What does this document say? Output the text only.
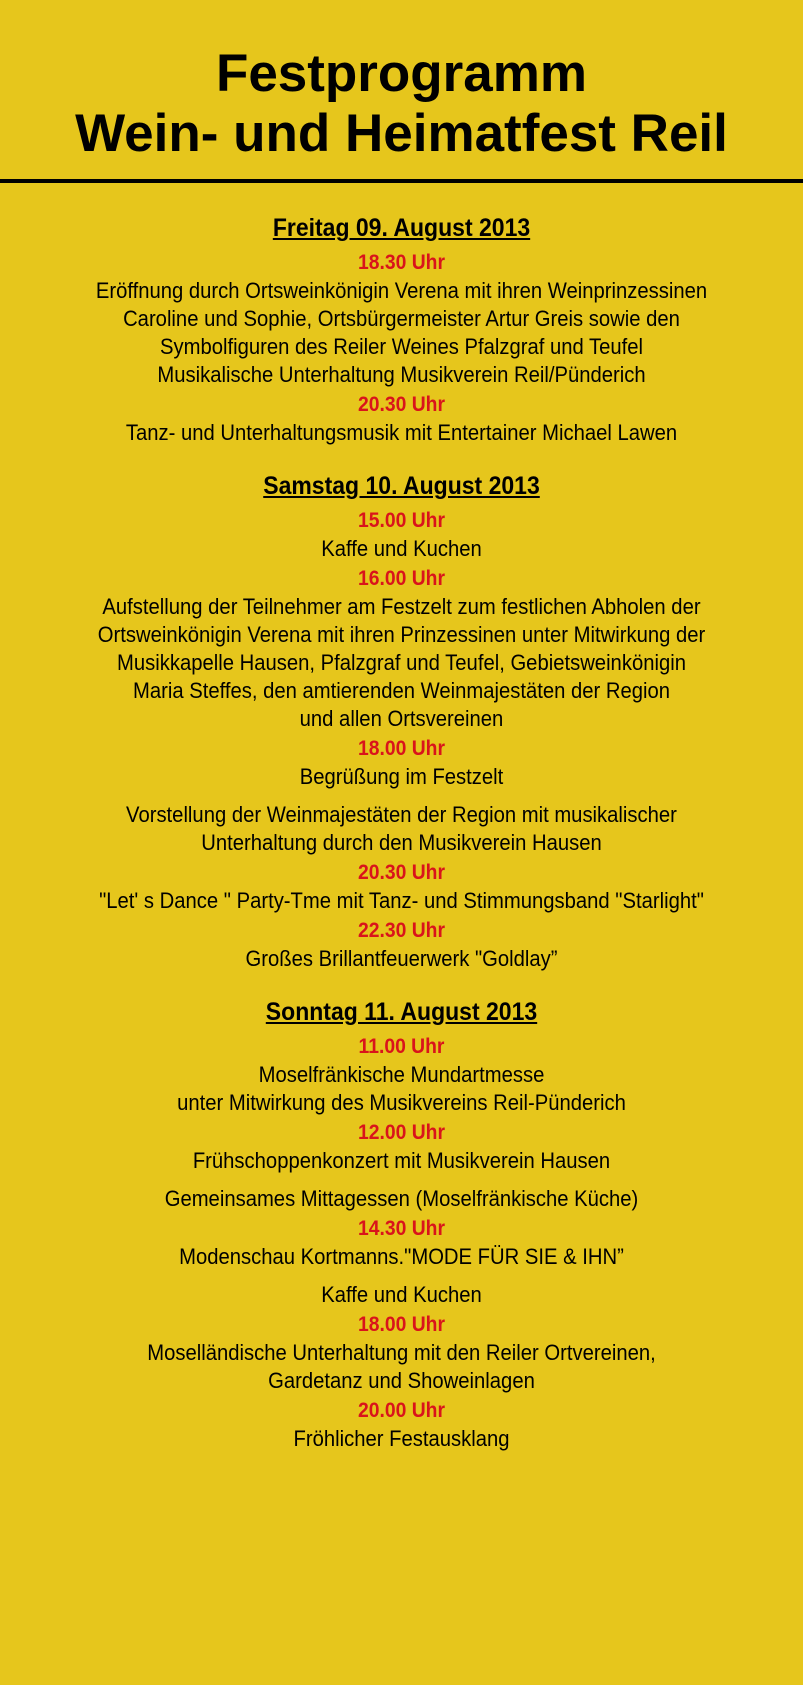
Festprogramm
Wein- und Heimatfest Reil

Freitag 09. August 2013

18.30 Uhr

Eröffnung durch Ortsweinkönigin Verena mit ihren Weinprinzessinen

Caroline und Sophie, Ortsbürgermeister Artur Greis sowie den

Symbolfiguren des Reiler Weines Pfalzgraf und Teufel

Musikalische Unterhaltung Musikverein Reil/Pünderich

20.30 Uhr

Tanz- und Unterhaltungsmusik mit Entertainer Michael Lawen

Samstag 10. August 2013

15.00 Uhr

Kaffe und Kuchen

16.00 Uhr

Aufstellung der Teilnehmer am Festzelt zum festlichen Abholen der

Ortsweinkönigin Verena mit ihren Prinzessinen unter Mitwirkung der

Musikkapelle Hausen, Pfalzgraf und Teufel, Gebietsweinkönigin

Maria Steffes, den amtierenden Weinmajestäten der Region

und allen Ortsvereinen

18.00 Uhr

Begrüßung im Festzelt

Vorstellung der Weinmajestäten der Region mit musikalischer

Unterhaltung durch den Musikverein Hausen

20.30 Uhr

"Let' s Dance " Party-Tme mit Tanz- und Stimmungsband "Starlight"

22.30 Uhr

Großes Brillantfeuerwerk "Goldlay”

Sonntag 11. August 2013

11.00 Uhr

Moselfränkische Mundartmesse

unter Mitwirkung des Musikvereins Reil-Pünderich

12.00 Uhr

Frühschoppenkonzert mit Musikverein Hausen

Gemeinsames Mittagessen (Moselfränkische Küche)

14.30 Uhr

Modenschau Kortmanns."MODE FÜR SIE & IHN”

Kaffe und Kuchen

18.00 Uhr

Moselländische Unterhaltung mit den Reiler Ortvereinen,

Gardetanz und Showeinlagen

20.00 Uhr

Fröhlicher Festausklang
